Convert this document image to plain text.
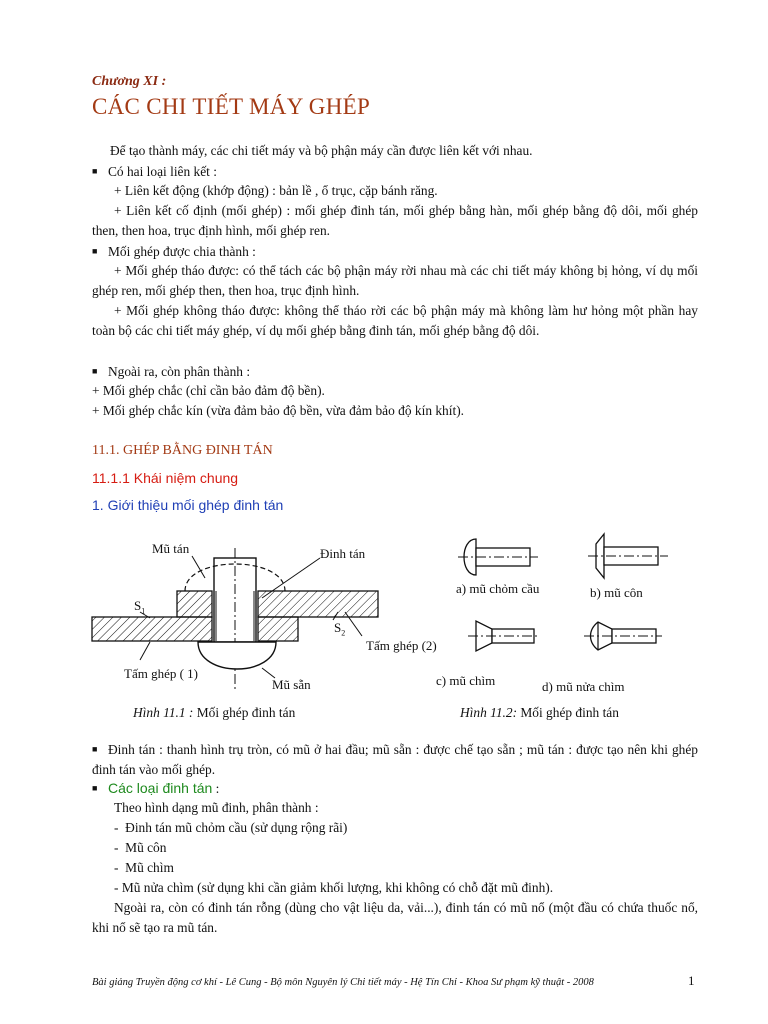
Chương XI :
CÁC CHI TIẾT MÁY GHÉP
Để tạo thành máy, các chi tiết máy và bộ phận máy cần được liên kết với nhau.
■ Có hai loại liên kết :
+ Liên kết động (khớp động) : bản lề , ổ trục, cặp bánh răng.
+ Liên kết cố định (mối ghép) : mối ghép đinh tán, mối ghép bằng hàn, mối ghép bằng độ dôi, mối ghép then, then hoa, trục định hình, mối ghép ren.
■ Mối ghép được chia thành :
+ Mối ghép tháo được: có thể tách các bộ phận máy rời nhau mà các chi tiết máy không bị hỏng, ví dụ mối ghép ren, mối ghép then, then hoa, trục định hình.
+ Mối ghép không tháo được: không thể tháo rời các bộ phận máy mà không làm hư hỏng một phần hay toàn bộ các chi tiết máy ghép, ví dụ mối ghép bằng đinh tán, mối ghép bằng độ dôi.
■ Ngoài ra, còn phân thành :
+ Mối ghép chắc (chỉ cần bảo đảm độ bền).
+ Mối ghép chắc kín (vừa đảm bảo độ bền, vừa đảm bảo độ kín khít).
11.1. GHÉP BẰNG ĐINH TÁN
11.1.1 Khái niệm chung
1. Giới thiệu mối ghép đinh tán
Mũ tán	Đinh tán
$S_1$
$S_2$
Tấm ghép (2)
Tấm ghép ( 1)
Mũ sẵn
Hình 11.1 : Mối ghép đinh tán
a) mũ chỏm cầu	b) mũ côn
c) mũ chìm	d) mũ nửa chìm
Hình 11.2: Mối ghép đinh tán
■ Đinh tán : thanh hình trụ tròn, có mũ ở hai đầu; mũ sẵn : được chế tạo sẵn ; mũ tán : được tạo nên khi ghép đinh tán vào mối ghép.
■ Các loại đinh tán :
Theo hình dạng mũ đinh, phân thành :
-  Đinh tán mũ chỏm cầu (sử dụng rộng rãi)
-  Mũ côn
-  Mũ chìm
- Mũ nửa chìm (sử dụng khi cần giảm khối lượng, khi không có chỗ đặt mũ đinh).
Ngoài ra, còn có đinh tán rỗng (dùng cho vật liệu da, vải...), đinh tán có mũ nổ (một đầu có chứa thuốc nổ, khi nổ sẽ tạo ra mũ tán.
Bài giảng Truyền động cơ khí - Lê Cung - Bộ môn Nguyên lý Chi tiết máy - Hệ Tín Chỉ - Khoa Sư phạm kỹ thuật - 2008	1
